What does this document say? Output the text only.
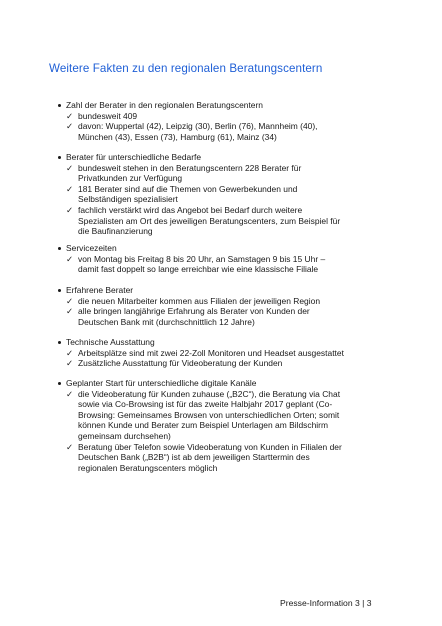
Weitere Fakten zu den regionalen Beratungscentern
Zahl der Berater in den regionalen Beratungscentern
✓ bundesweit 409
✓ davon: Wuppertal (42), Leipzig (30), Berlin (76), Mannheim (40),
München (43), Essen (73), Hamburg (61), Mainz (34)
Berater für unterschiedliche Bedarfe
✓ bundesweit stehen in den Beratungscentern 228 Berater für
Privatkunden zur Verfügung
✓ 181 Berater sind auf die Themen von Gewerbekunden und
Selbständigen spezialisiert
✓ fachlich verstärkt wird das Angebot bei Bedarf durch weitere
Spezialisten am Ort des jeweiligen Beratungscenters, zum Beispiel für
die Baufinanzierung
Servicezeiten
✓ von Montag bis Freitag 8 bis 20 Uhr, an Samstagen 9 bis 15 Uhr –
damit fast doppelt so lange erreichbar wie eine klassische Filiale
Erfahrene Berater
✓ die neuen Mitarbeiter kommen aus Filialen der jeweiligen Region
✓ alle bringen langjährige Erfahrung als Berater von Kunden der
Deutschen Bank mit (durchschnittlich 12 Jahre)
Technische Ausstattung
✓ Arbeitsplätze sind mit zwei 22-Zoll Monitoren und Headset ausgestattet
✓ Zusätzliche Ausstattung für Videoberatung der Kunden
Geplanter Start für unterschiedliche digitale Kanäle
✓ die Videoberatung für Kunden zuhause („B2C“), die Beratung via Chat
sowie via Co-Browsing ist für das zweite Halbjahr 2017 geplant (Co-
Browsing: Gemeinsames Browsen von unterschiedlichen Orten; somit
können Kunde und Berater zum Beispiel Unterlagen am Bildschirm
gemeinsam durchsehen)
✓ Beratung über Telefon sowie Videoberatung von Kunden in Filialen der
Deutschen Bank („B2B“) ist ab dem jeweiligen Starttermin des
regionalen Beratungscenters möglich
Presse-Information 3 | 3
